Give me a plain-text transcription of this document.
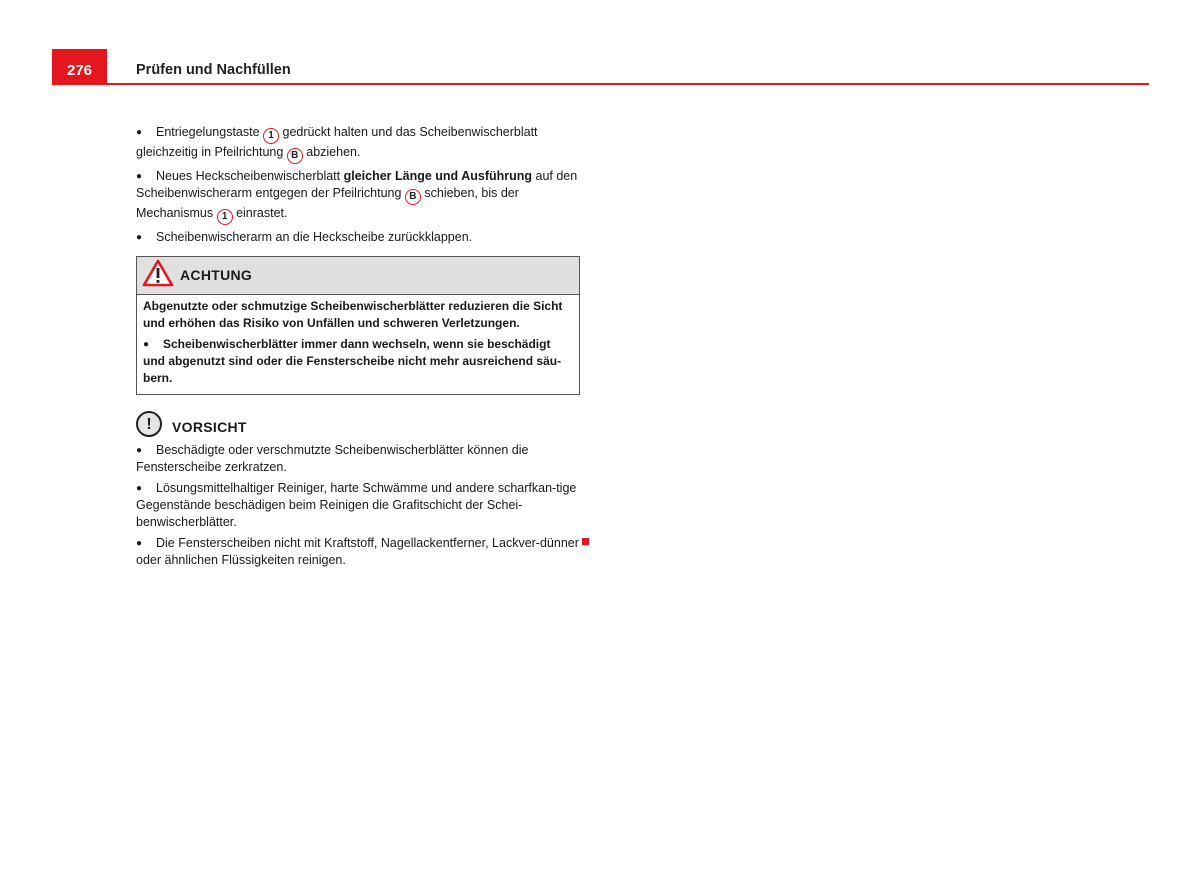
276	Prüfen und Nachfüllen

● Entriegelungstaste 1 gedrückt halten und das Scheibenwischerblatt gleichzeitig in Pfeilrichtung B abziehen.

● Neues Heckscheibenwischerblatt gleicher Länge und Ausführung auf den Scheibenwischerarm entgegen der Pfeilrichtung B schieben, bis der Mechanismus 1 einrastet.

● Scheibenwischerarm an die Heckscheibe zurückklappen.

ACHTUNG

Abgenutzte oder schmutzige Scheibenwischerblätter reduzieren die Sicht und erhöhen das Risiko von Unfällen und schweren Verletzungen.

● Scheibenwischerblätter immer dann wechseln, wenn sie beschädigt und abgenutzt sind oder die Fensterscheibe nicht mehr ausreichend säu-bern.

!	VORSICHT

● Beschädigte oder verschmutzte Scheibenwischerblätter können die Fensterscheibe zerkratzen.

● Lösungsmittelhaltiger Reiniger, harte Schwämme und andere scharfkan-tige Gegenstände beschädigen beim Reinigen die Grafitschicht der Schei-benwischerblätter.

● Die Fensterscheiben nicht mit Kraftstoff, Nagellackentferner, Lackver-dünner oder ähnlichen Flüssigkeiten reinigen.
